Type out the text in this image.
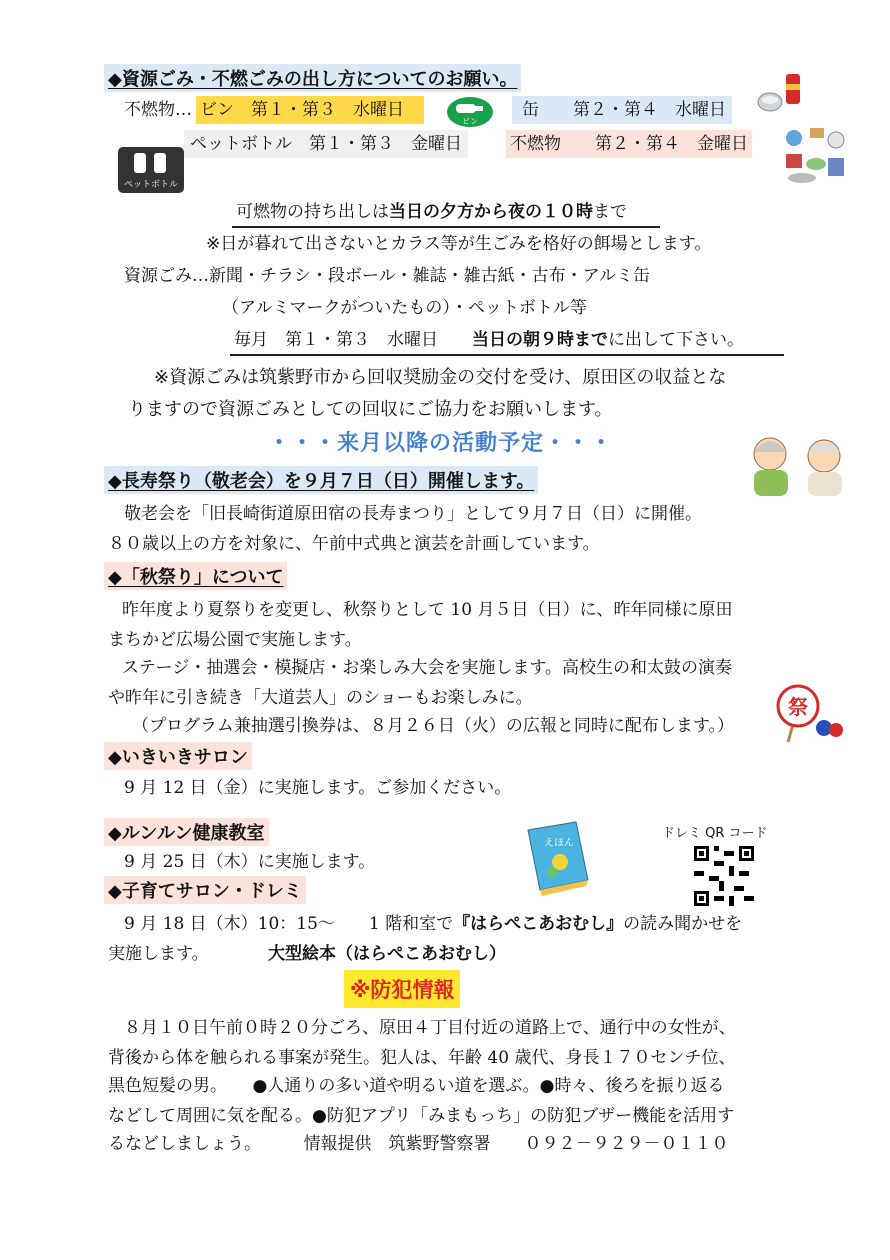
◆資源ごみ・不燃ごみの出し方についてのお願い。
不燃物… ビン　第１・第３　水曜日
ビン
缶　　第２・第４　水曜日
ペットボトル　第１・第３　金曜日	不燃物　　第２・第４　金曜日
ペットボトル
可燃物の持ち出しは当日の夕方から夜の１０時まで
※日が暮れて出さないとカラス等が生ごみを格好の餌場とします。
資源ごみ…新聞・チラシ・段ボール・雑誌・雑古紙・古布・アルミ缶
（アルミマークがついたもの）・ペットボトル等
毎月　第１・第３　水曜日　　当日の朝９時までに出して下さい。
※資源ごみは筑紫野市から回収奨励金の交付を受け、原田区の収益とな
りますので資源ごみとしての回収にご協力をお願いします。
・・・来月以降の活動予定・・・
◆長寿祭り（敬老会）を９月７日（日）開催します。
敬老会を「旧長崎街道原田宿の長寿まつり」として９月７日（日）に開催。
８０歳以上の方を対象に、午前中式典と演芸を計画しています。
◆「秋祭り」について
昨年度より夏祭りを変更し、秋祭りとして 10 月５日（日）に、昨年同様に原田
まちかど広場公園で実施します。
ステージ・抽選会・模擬店・お楽しみ大会を実施します。高校生の和太鼓の演奏
や昨年に引き続き「大道芸人」のショーもお楽しみに。
（プログラム兼抽選引換券は、８月２６日（火）の広報と同時に配布します。）
祭
◆いきいきサロン
9 月 12 日（金）に実施します。ご参加ください。
◆ルンルン健康教室
9 月 25 日（木）に実施します。
ドレミ QR コード
えほん
◆子育てサロン・ドレミ
9 月 18 日（木）10：15～　　1 階和室で『はらぺこあおむし』の読み聞かせを
実施します。	大型絵本（はらぺこあおむし）
※防犯情報
８月１０日午前０時２０分ごろ、原田４丁目付近の道路上で、通行中の女性が、
背後から体を触られる事案が発生。犯人は、年齢 40 歳代、身長１７０センチ位、
黒色短髪の男。　　●人通りの多い道や明るい道を選ぶ。●時々、後ろを振り返る
などして周囲に気を配る。●防犯アプリ「みまもっち」の防犯ブザー機能を活用す
るなどしましょう。　　　情報提供　筑紫野警察署　　０９２－９２９－０１１０
